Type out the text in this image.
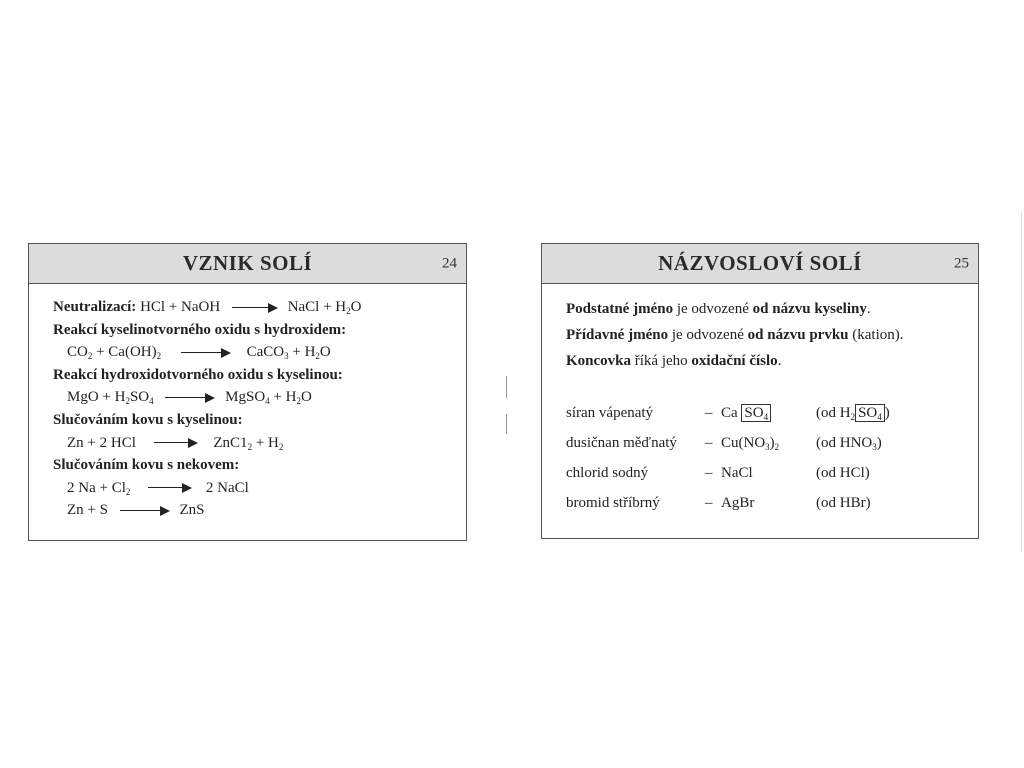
VZNIK SOLÍ	24
Neutralizací: HCl + NaOH	NaCl + $H_2O$
Reakcí kyselinotvorného oxidu s hydroxidem:
$CO_2 + Ca(OH)_2$	CaCO$_3$ + $H_2O$
Reakcí hydroxidotvorného oxidu s kyselinou:
MgO + $H_2SO_4$	MgSO$_4$ + $H_2O$
Slučováním kovu s kyselinou:
Zn + 2 HCl	$ZnC1_2 + H_2$
Slučováním kovu s nekovem:
2 $Na + Cl_2$	2 NaCl
Zn + S	ZnS
NÁZVOSLOVÍ SOLÍ	25
Podstatné jméno je odvozené od názvu kyseliny.
Přídavné jméno je odvozené od názvu prvku (kation).
Koncovka říká jeho oxidační číslo.
síran vápenatý	– Ca $SO_4$	(od $H_2$ $SO_4$ )
dusičnan měďnatý	– $Cu(NO_3)_2$	(od $HNO_3$)
chlorid sodný	– NaCl	(od HCl)
bromid stříbrný	– AgBr	(od HBr)
